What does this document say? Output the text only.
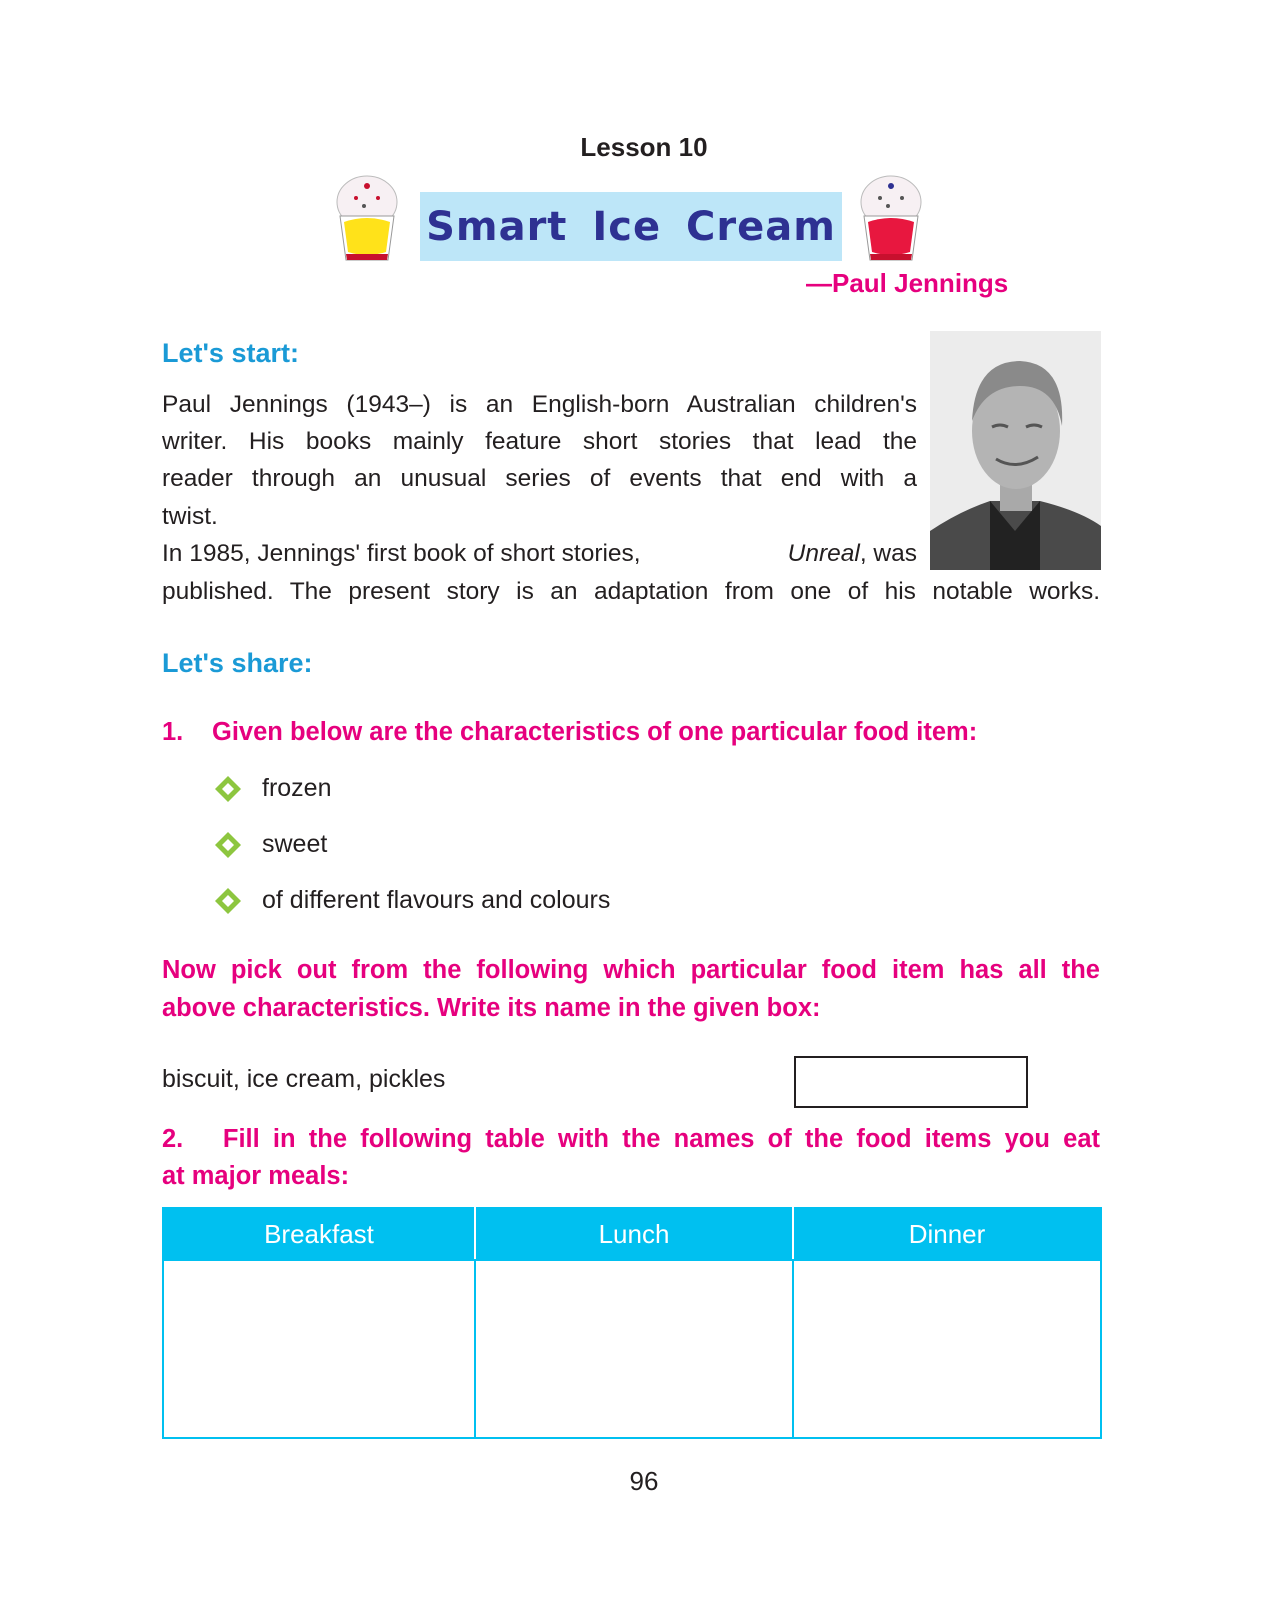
Lesson 10
Smart Ice Cream
—Paul Jennings
Let's start:
Paul Jennings (1943–) is an English-born Australian children's
writer. His books mainly feature short stories that lead the
reader through an unusual series of events that end with a
twist.
In 1985, Jennings' first book of short stories,	Unreal , was
published. The present story is an adaptation from one of his notable works.
Let's share:
1. Given below are the characteristics of one particular food item:
frozen
sweet
of different flavours and colours
Now pick out from the following which particular food item has all the
above characteristics. Write its name in the given box:
biscuit, ice cream, pickles
2.   Fill in the following table with the names of the food items you eat
at major meals:
Breakfast	Lunch	Dinner

96
